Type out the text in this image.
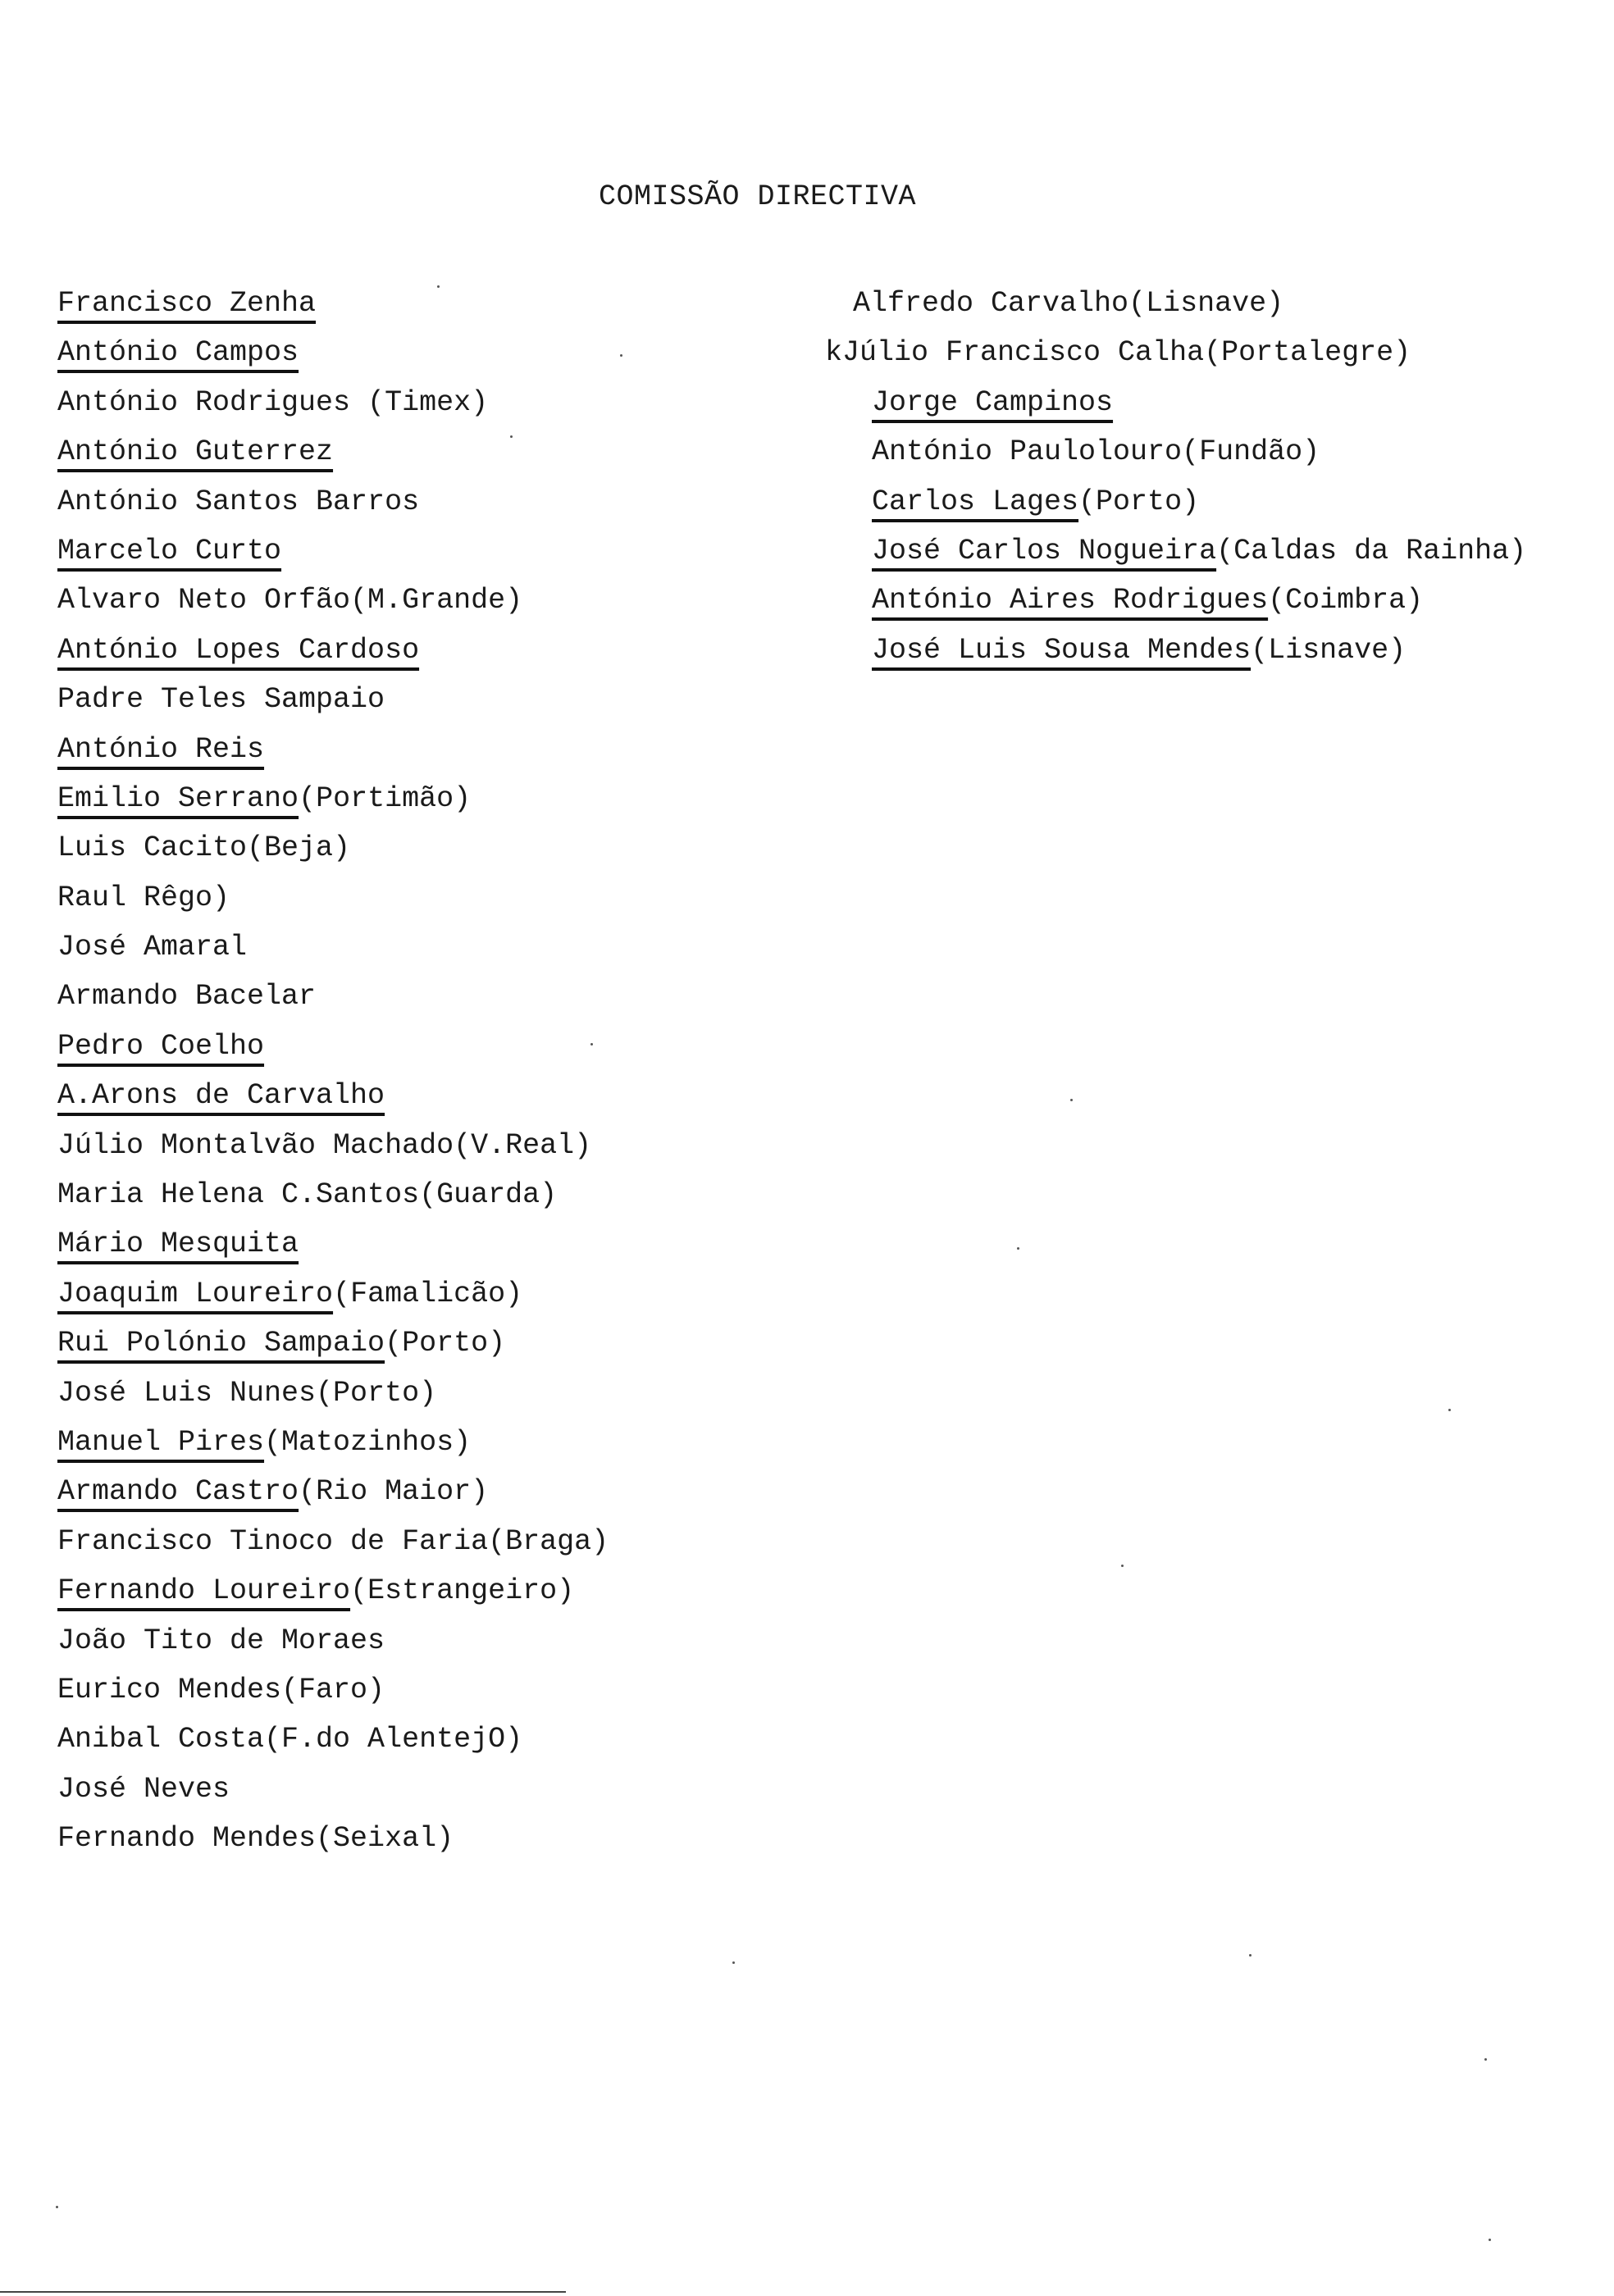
COMISSÃO DIRECTIVA
Francisco Zenha
António Campos
António Rodrigues (Timex)
António Guterrez
António Santos Barros
Marcelo Curto
Alvaro Neto Orfão(M.Grande)
António Lopes Cardoso
Padre Teles Sampaio
António Reis
Emilio Serrano(Portimão)
Luis Cacito(Beja)
Raul Rêgo)
José Amaral
Armando Bacelar
Pedro Coelho
A.Arons de Carvalho
Júlio Montalvão Machado(V.Real)
Maria Helena C.Santos(Guarda)
Mário Mesquita
Joaquim Loureiro(Famalicão)
Rui Polónio Sampaio(Porto)
José Luis Nunes(Porto)
Manuel Pires(Matozinhos)
Armando Castro(Rio Maior)
Francisco Tinoco de Faria(Braga)
Fernando Loureiro(Estrangeiro)
João Tito de Moraes
Eurico Mendes(Faro)
Anibal Costa(F.do AlentejO)
José Neves
Fernando Mendes(Seixal)
Alfredo Carvalho(Lisnave)
kJúlio Francisco Calha(Portalegre)
Jorge Campinos
António Paulolouro(Fundão)
Carlos Lages(Porto)
José Carlos Nogueira(Caldas da Rainha)
António Aires Rodrigues(Coimbra)
José Luis Sousa Mendes(Lisnave)
